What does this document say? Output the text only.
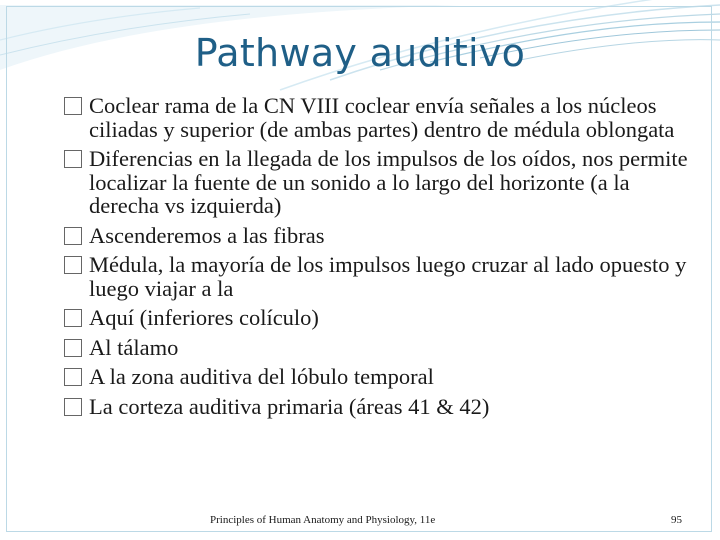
Pathway auditivo
Coclear rama de la CN VIII coclear envía señales a los núcleos ciliadas y superior (de ambas partes) dentro de médula oblongata
Diferencias en la llegada de los impulsos de los oídos, nos permite localizar la fuente de un sonido a lo largo del horizonte (a la derecha vs izquierda)
Ascenderemos a las fibras
Médula, la mayoría de los impulsos luego cruzar al lado opuesto y luego viajar a la
Aquí (inferiores colículo)
Al tálamo
A la zona auditiva del lóbulo temporal
La corteza auditiva primaria (áreas 41 & 42)
Principles of Human Anatomy and Physiology, 11e	95
